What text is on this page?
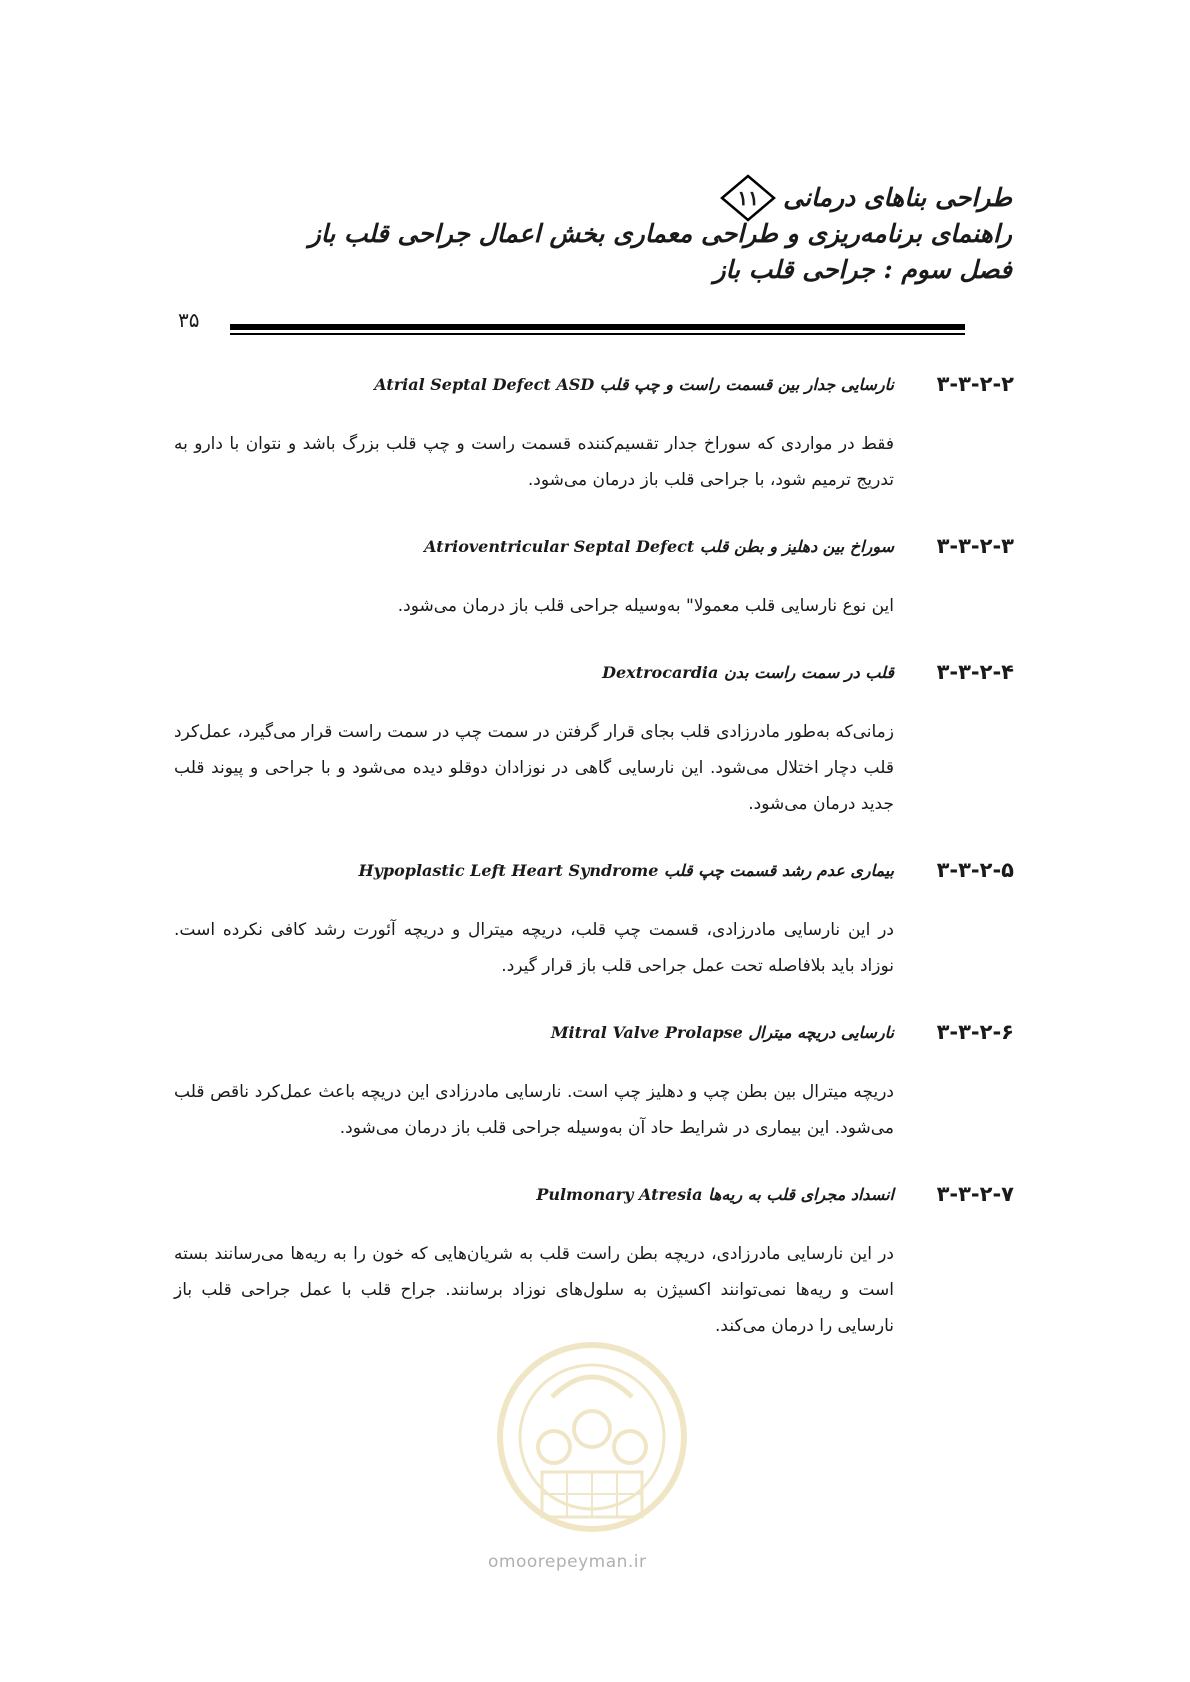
طراحی بناهای درمانی
۱۱
راهنمای برنامه‌ریزی و طراحی معماری بخش اعمال جراحی قلب باز
فصل سوم : جراحی قلب باز
۳۵
۳-۳-۲-۲
نارسایی جدار بین قسمت راست و چپ قلب Atrial Septal Defect ASD
فقط در مواردی که سوراخ جدار تقسیم‌کننده قسمت راست و چپ قلب بزرگ باشد و نتوان با دارو به تدریج ترمیم شود، با جراحی قلب باز درمان می‌شود.
۳-۳-۲-۳
سوراخ بین دهلیز و بطن قلب Atrioventricular Septal Defect
این نوع نارسایی قلب معمولا" به‌وسیله جراحی قلب باز درمان می‌شود.
۳-۳-۲-۴
قلب در سمت راست بدن Dextrocardia
زمانی‌که به‌طور مادرزادی قلب بجای قرار گرفتن در سمت چپ در سمت راست قرار می‌گیرد، عمل‌کرد قلب دچار اختلال می‌شود. این نارسایی گاهی در نوزادان دوقلو دیده می‌شود و با جراحی و پیوند قلب جدید درمان می‌شود.
۳-۳-۲-۵
بیماری عدم رشد قسمت چپ قلب Hypoplastic Left Heart Syndrome
در این نارسایی مادرزادی، قسمت چپ قلب، دریچه میترال و دریچه آئورت رشد کافی نکرده است. نوزاد باید بلافاصله تحت عمل جراحی قلب باز قرار گیرد.
۳-۳-۲-۶
نارسایی دریچه میترال Mitral Valve Prolapse
دریچه میترال بین بطن چپ و دهلیز چپ است. نارسایی مادرزادی این دریچه باعث عمل‌کرد ناقص قلب می‌شود. این بیماری در شرایط حاد آن به‌وسیله جراحی قلب باز درمان می‌شود.
۳-۳-۲-۷
انسداد مجرای قلب به ریه‌ها Pulmonary Atresia
در این نارسایی مادرزادی، دریچه بطن راست قلب به شریان‌هایی که خون را به ریه‌ها می‌رسانند بسته است و ریه‌ها نمی‌توانند اکسیژن به سلول‌های نوزاد برسانند. جراح قلب با عمل جراحی قلب باز نارسایی را درمان می‌کند.
omoorepeyman.ir
